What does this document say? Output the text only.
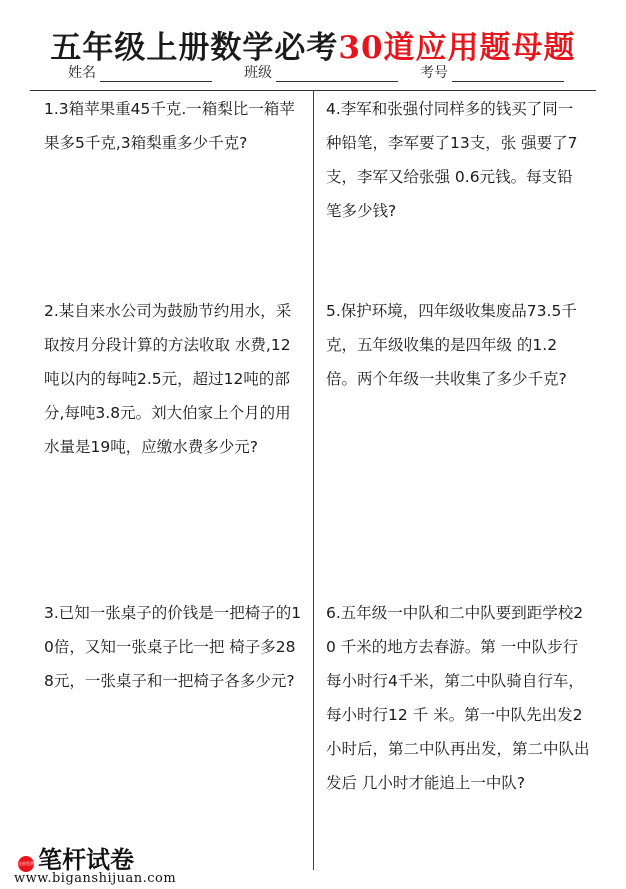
五年级上册数学必考30道应用题母题
姓名	班级	考号
1.3箱苹果重45千克.一箱梨比一箱苹果多5千克,3箱梨重多少千克?
2.某自来水公司为鼓励节约用水，采取按月分段计算的方法收取 水费,12吨以内的每吨2.5元，超过12吨的部分,每吨3.8元。刘大伯家上个月的用水量是19吨，应缴水费多少元?
3.已知一张桌子的价钱是一把椅子的10倍，又知一张桌子比一把 椅子多288元，一张桌子和一把椅子各多少元?
4.李军和张强付同样多的钱买了同一种铅笔，李军要了13支，张 强要了7支，李军又给张强 0.6元钱。每支铅笔多少钱?
5.保护环境，四年级收集废品73.5千克，五年级收集的是四年级 的1.2倍。两个年级一共收集了多少千克?
6.五年级一中队和二中队要到距学校20 千米的地方去春游。第 一中队步行每小时行4千米，第二中队骑自行车，每小时行12 千 米。第一中队先出发2小时后，第二中队再出发，第二中队出发后 几小时才能追上一中队?
全部免费 笔杆试卷
www.biganshijuan.com
